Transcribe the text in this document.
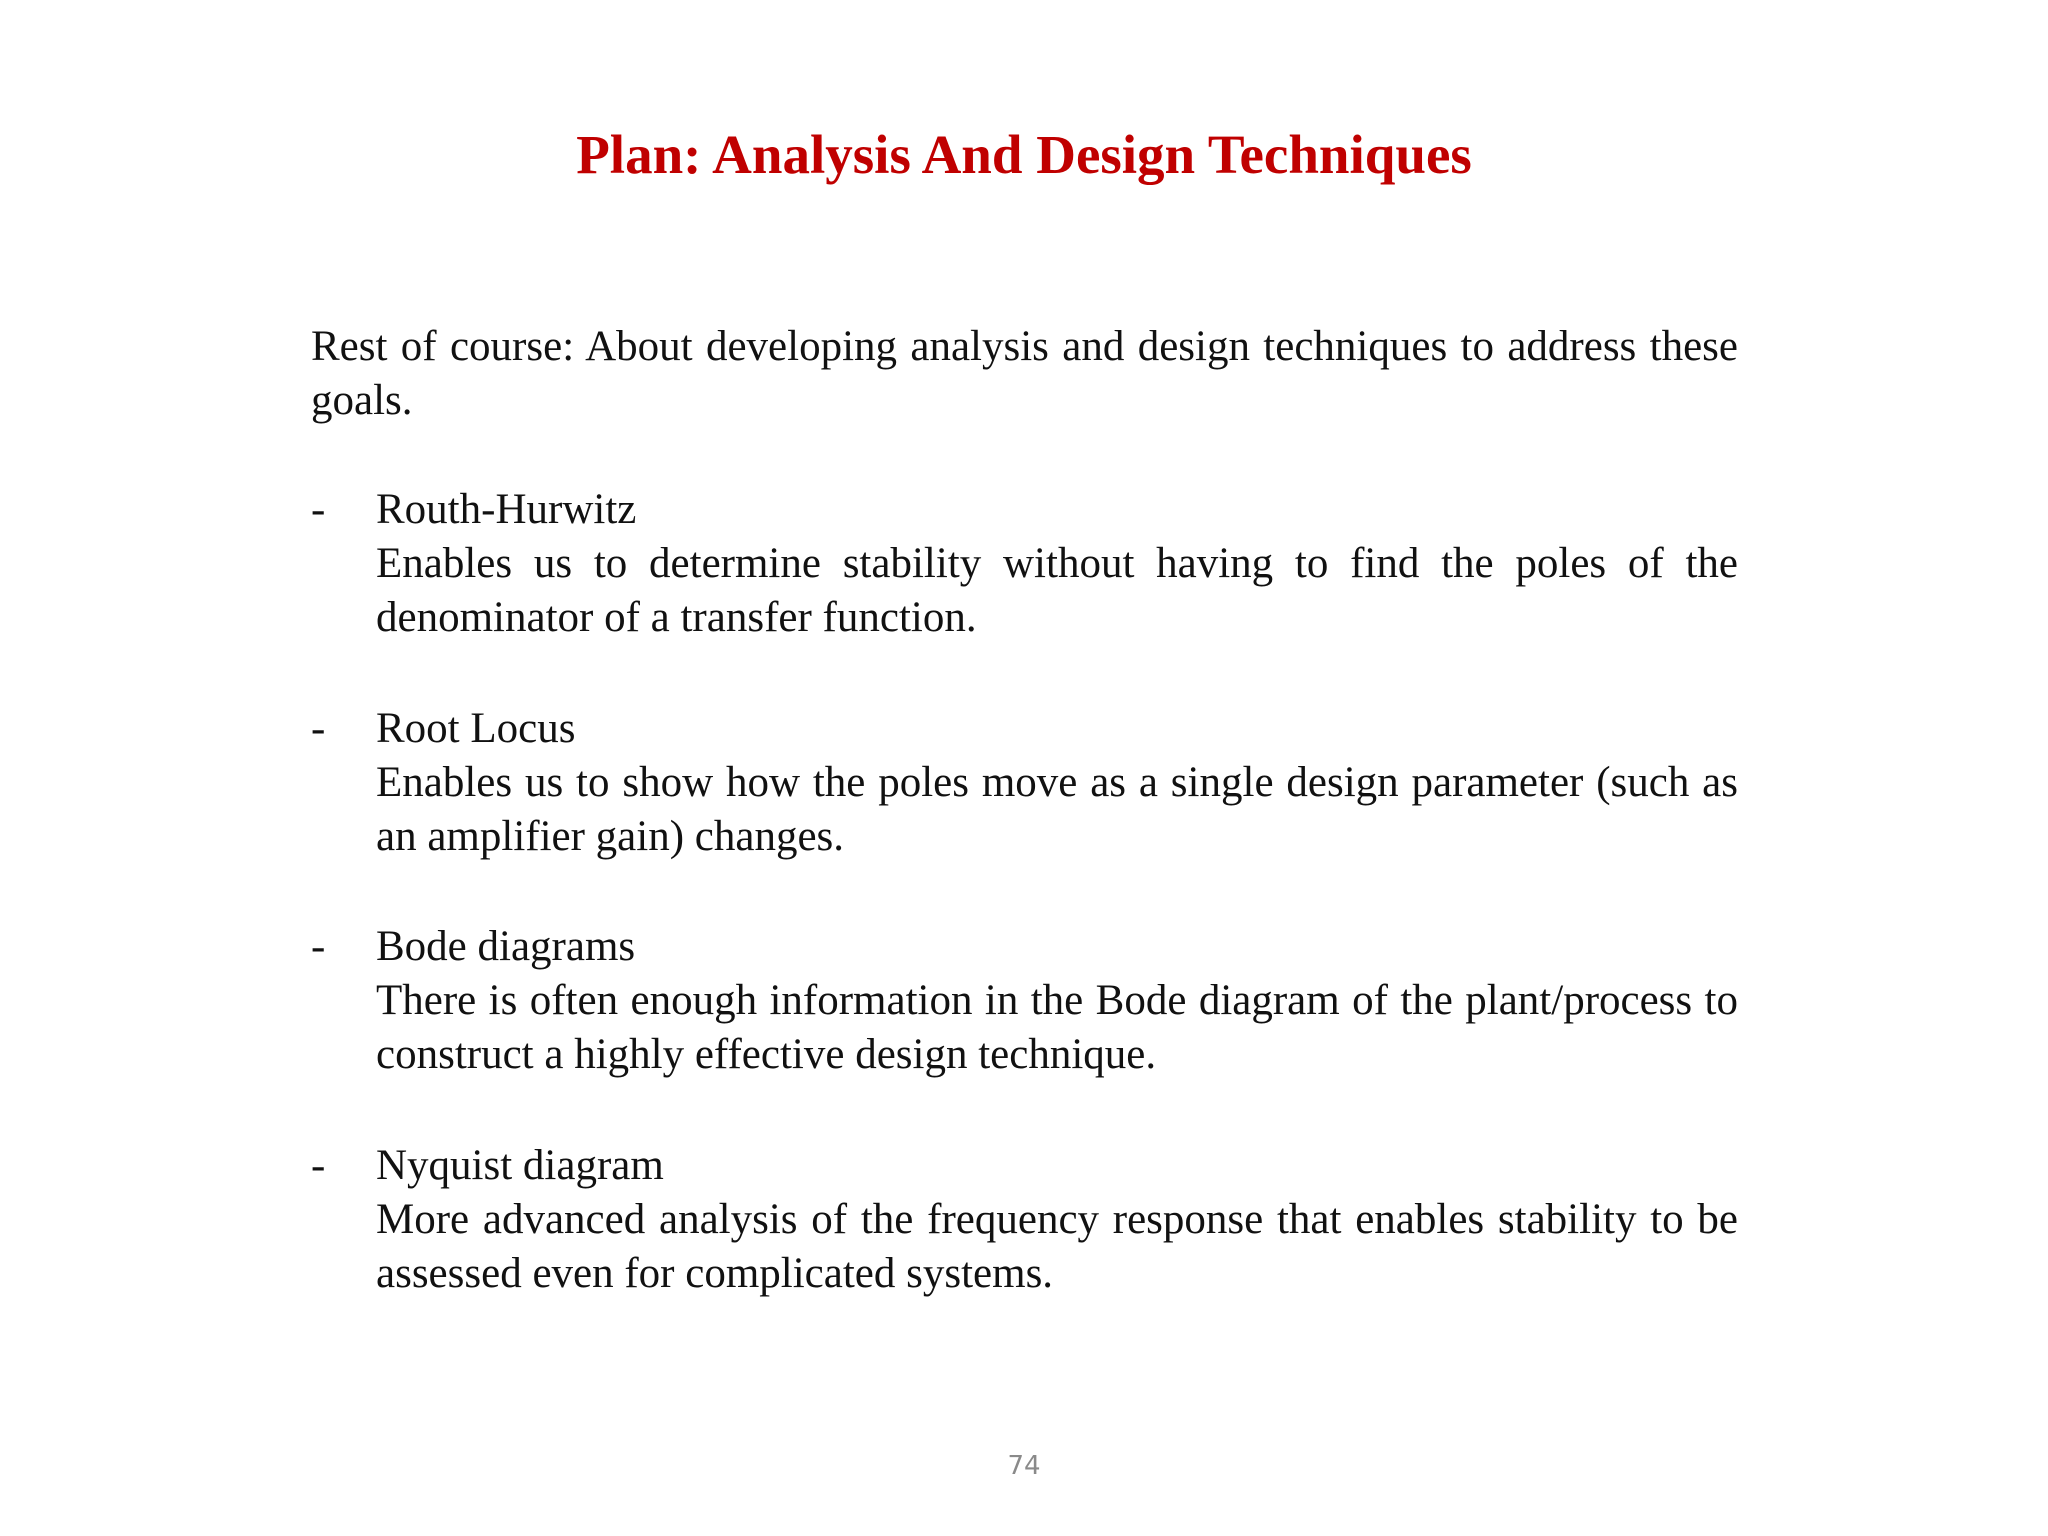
Plan: Analysis And Design Techniques

Rest of course: About developing analysis and design techniques to address these goals.

- Routh-Hurwitz
Enables us to determine stability without having to find the poles of the denominator of a transfer function.
- Root Locus
Enables us to show how the poles move as a single design parameter (such as an amplifier gain) changes.
- Bode diagrams
There is often enough information in the Bode diagram of the plant/process to construct a highly effective design technique.
- Nyquist diagram
More advanced analysis of the frequency response that enables stability to be assessed even for complicated systems.
74
